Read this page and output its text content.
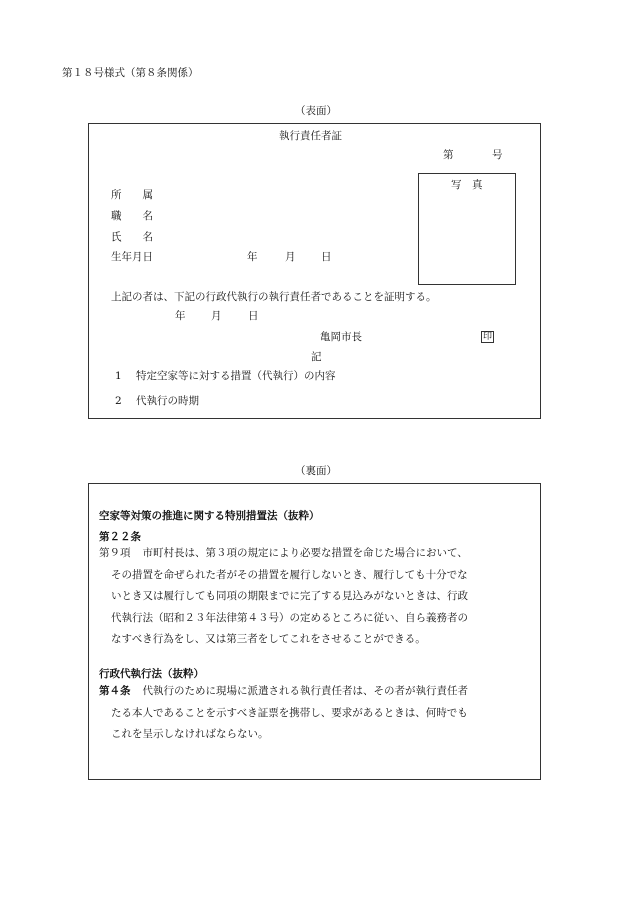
第１８号様式（第８条関係）
（表面）
執行責任者証
第	号
写　真
所　　属
職　　名
氏　　名
生年月日	年	月 日
上記の者は、下記の行政代執行の執行責任者であることを証明する。
年 月	日
亀岡市長	印
記
1 特定空家等に対する措置（代執行）の内容
2 代執行の時期
（裏面）
空家等対策の推進に関する特別措置法（抜粋）
第２２条
第９項 市町村長は、第３項の規定により必要な措置を命じた場合において、
その措置を命ぜられた者がその措置を履行しないとき、履行しても十分でな
いとき又は履行しても同項の期限までに完了する見込みがないときは、行政
代執行法（昭和２３年法律第４３号）の定めるところに従い、自ら義務者の
なすべき行為をし、又は第三者をしてこれをさせることができる。
行政代執行法（抜粋）
第４条 代執行のために現場に派遣される執行責任者は、その者が執行責任者
たる本人であることを示すべき証票を携帯し、要求があるときは、何時でも
これを呈示しなければならない。
